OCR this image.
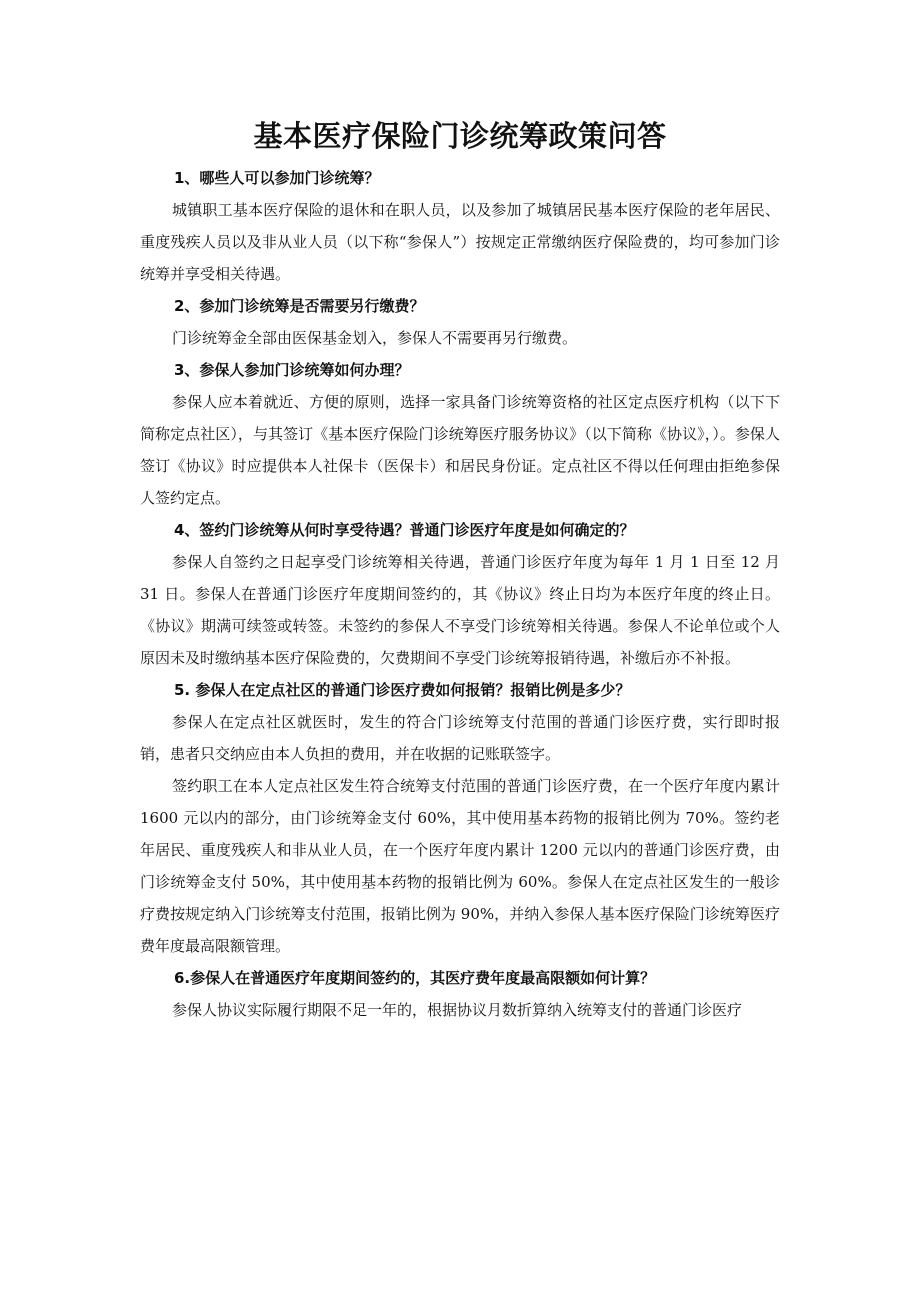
基本医疗保险门诊统筹政策问答

1、哪些人可以参加门诊统筹？

城镇职工基本医疗保险的退休和在职人员，以及参加了城镇居民基本医疗保险的老年居民、重度残疾人员以及非从业人员（以下称“参保人”）按规定正常缴纳医疗保险费的，均可参加门诊统筹并享受相关待遇。

2、参加门诊统筹是否需要另行缴费？

门诊统筹金全部由医保基金划入，参保人不需要再另行缴费。

3、参保人参加门诊统筹如何办理？

参保人应本着就近、方便的原则，选择一家具备门诊统筹资格的社区定点医疗机构（以下下简称定点社区），与其签订《基本医疗保险门诊统筹医疗服务协议》（以下简称《协议》，）。参保人签订《协议》时应提供本人社保卡（医保卡）和居民身份证。定点社区不得以任何理由拒绝参保人签约定点。

4、签约门诊统筹从何时享受待遇？普通门诊医疗年度是如何确定的？

参保人自签约之日起享受门诊统筹相关待遇，普通门诊医疗年度为每年 1 月 1 日至 12 月 31 日。参保人在普通门诊医疗年度期间签约的，其《协议》终止日均为本医疗年度的终止日。《协议》期满可续签或转签。未签约的参保人不享受门诊统筹相关待遇。参保人不论单位或个人原因未及时缴纳基本医疗保险费的，欠费期间不享受门诊统筹报销待遇，补缴后亦不补报。

5. 参保人在定点社区的普通门诊医疗费如何报销？报销比例是多少？

参保人在定点社区就医时，发生的符合门诊统筹支付范围的普通门诊医疗费，实行即时报销，患者只交纳应由本人负担的费用，并在收据的记账联签字。

签约职工在本人定点社区发生符合统筹支付范围的普通门诊医疗费，在一个医疗年度内累计 1600 元以内的部分，由门诊统筹金支付 60%，其中使用基本药物的报销比例为 70%。签约老年居民、重度残疾人和非从业人员，在一个医疗年度内累计 1200 元以内的普通门诊医疗费，由门诊统筹金支付 50%，其中使用基本药物的报销比例为 60%。参保人在定点社区发生的一般诊疗费按规定纳入门诊统筹支付范围，报销比例为 90%，并纳入参保人基本医疗保险门诊统筹医疗费年度最高限额管理。

6.参保人在普通医疗年度期间签约的，其医疗费年度最高限额如何计算？

参保人协议实际履行期限不足一年的，根据协议月数折算纳入统筹支付的普通门诊医疗
